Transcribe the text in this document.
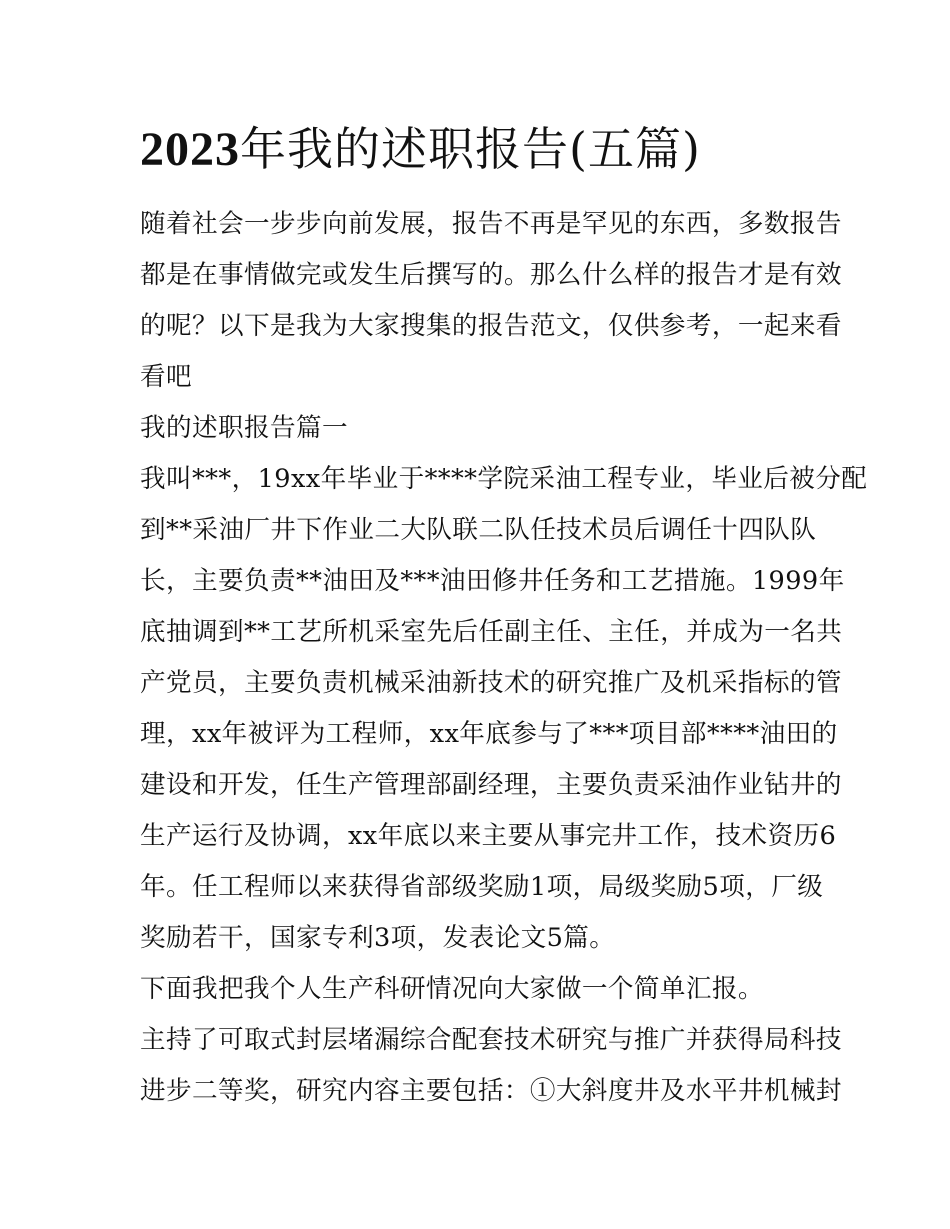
2023年我的述职报告(五篇)
随着社会一步步向前发展，报告不再是罕见的东西，多数报告
都是在事情做完或发生后撰写的。那么什么样的报告才是有效
的呢？以下是我为大家搜集的报告范文，仅供参考，一起来看
看吧
我的述职报告篇一
我叫***，19xx年毕业于****学院采油工程专业，毕业后被分配
到**采油厂井下作业二大队联二队任技术员后调任十四队队
长，主要负责**油田及***油田修井任务和工艺措施。1999年
底抽调到**工艺所机采室先后任副主任、主任，并成为一名共
产党员，主要负责机械采油新技术的研究推广及机采指标的管
理，xx年被评为工程师，xx年底参与了***项目部****油田的
建设和开发，任生产管理部副经理，主要负责采油作业钻井的
生产运行及协调，xx年底以来主要从事完井工作，技术资历6
年。任工程师以来获得省部级奖励1项，局级奖励5项，厂级
奖励若干，国家专利3项，发表论文5篇。
下面我把我个人生产科研情况向大家做一个简单汇报。
主持了可取式封层堵漏综合配套技术研究与推广并获得局科技
进步二等奖，研究内容主要包括：①大斜度井及水平井机械封
